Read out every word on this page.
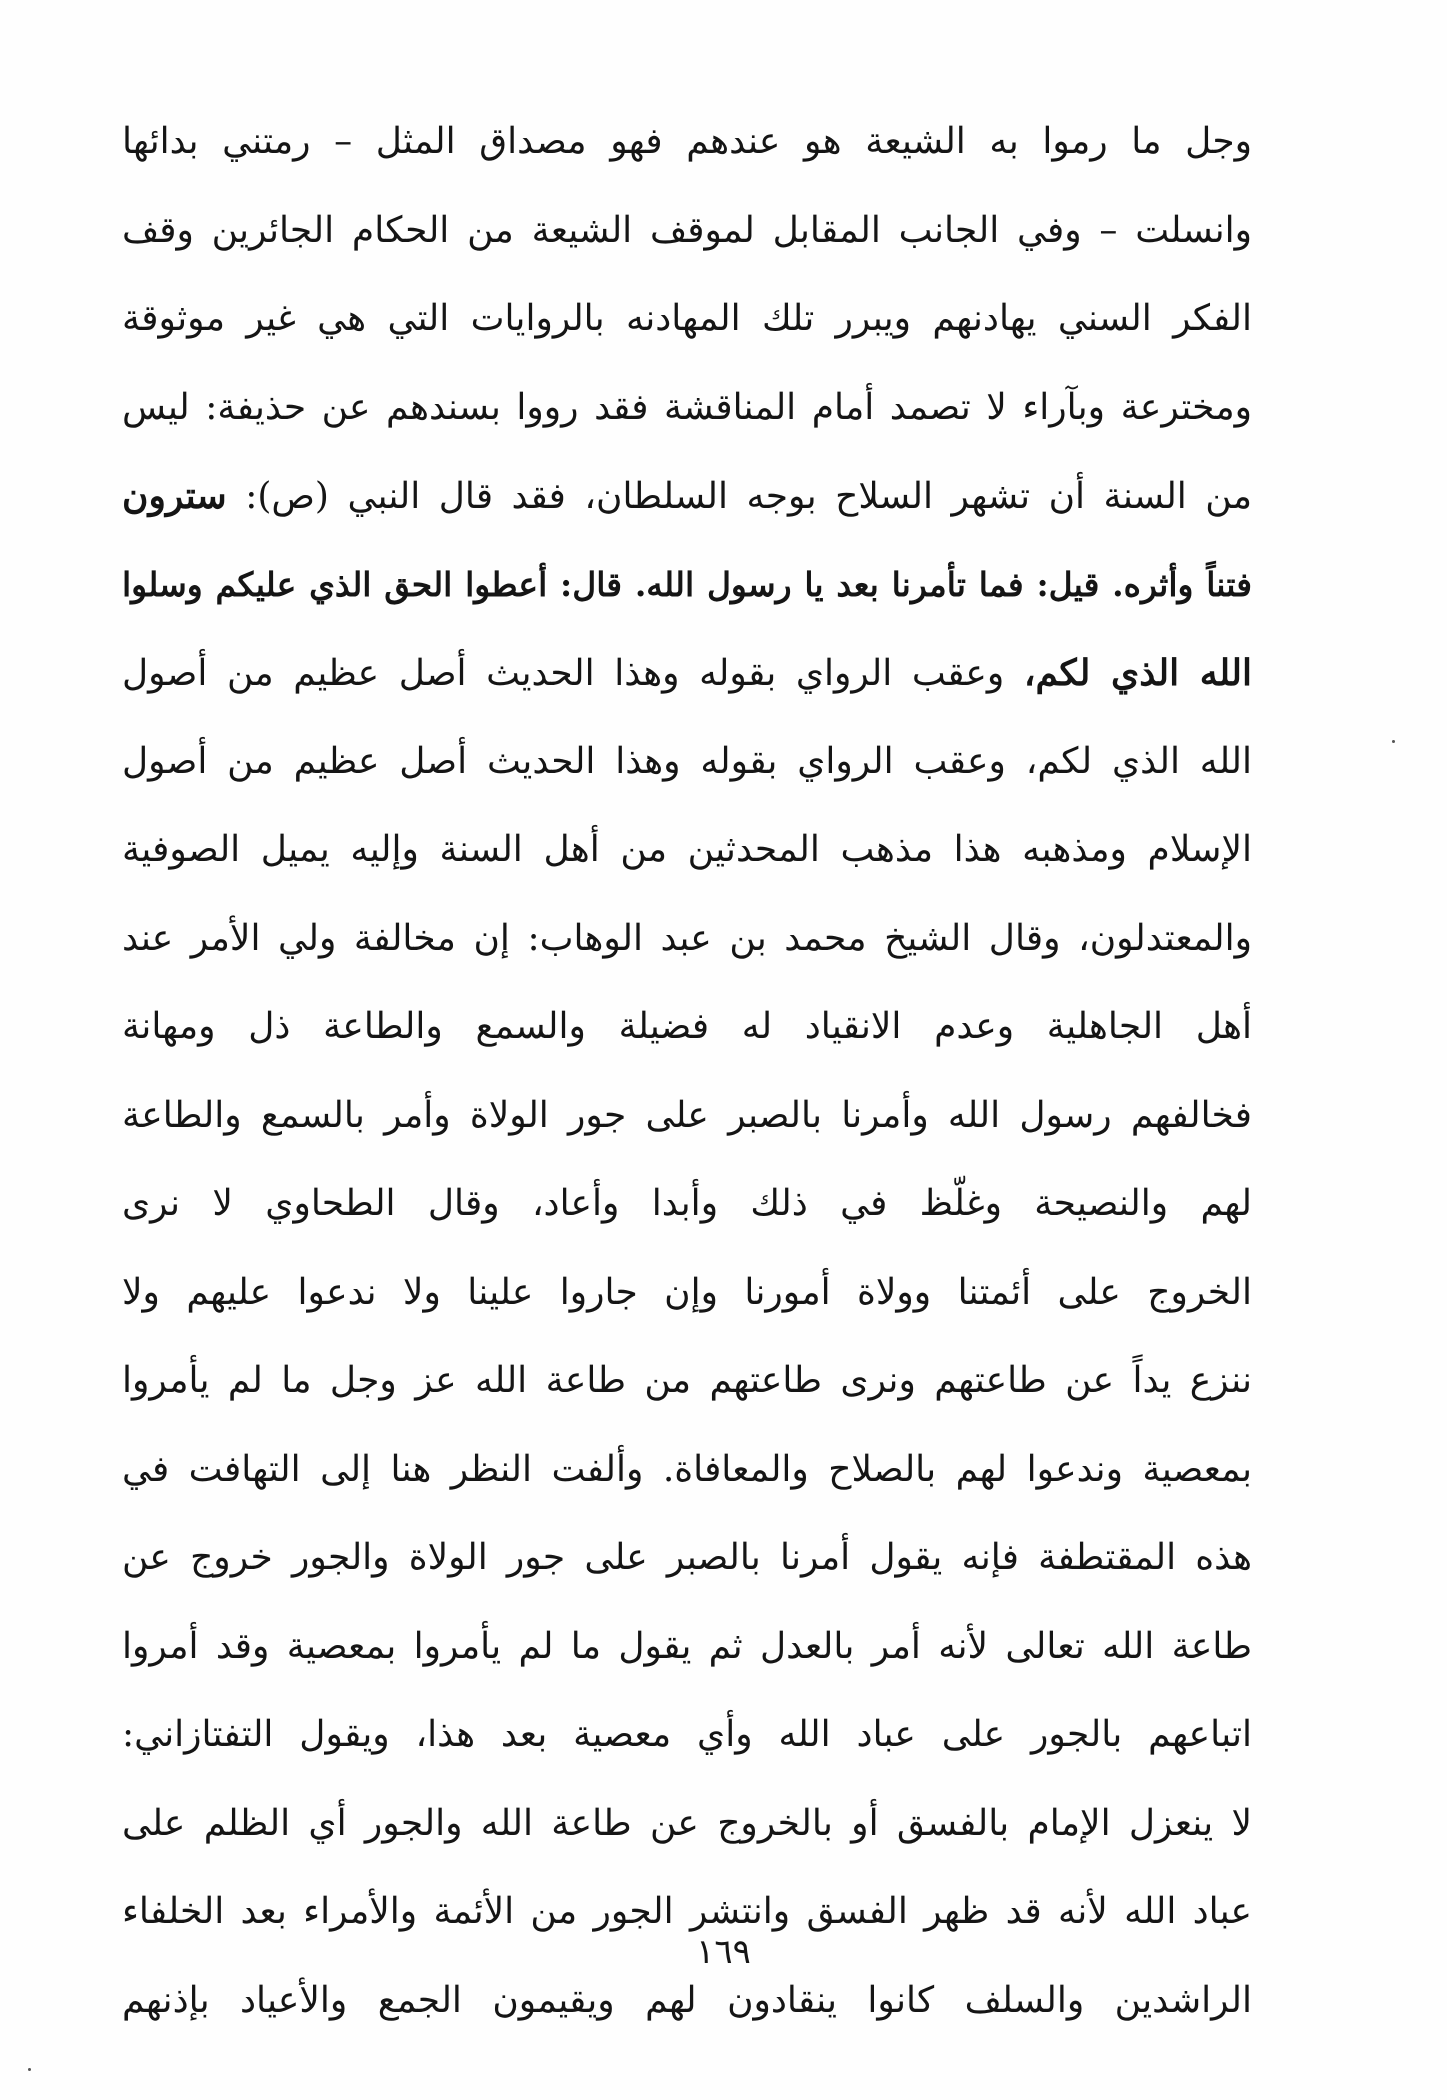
وجل ما رموا به الشيعة هو عندهم فهو مصداق المثل – رمتني بدائها
وانسلت – وفي الجانب المقابل لموقف الشيعة من الحكام الجائرين وقف
الفكر السني يهادنهم ويبرر تلك المهادنه بالروايات التي هي غير موثوقة
ومخترعة وبآراء لا تصمد أمام المناقشة فقد رووا بسندهم عن حذيفة: ليس
من السنة أن تشهر السلاح بوجه السلطان، فقد قال النبي (ص): سترون
فتناً وأثره. قيل: فما تأمرنا بعد يا رسول الله. قال: أعطوا الحق الذي عليكم وسلوا
الله الذي لكم، وعقب الرواي بقوله وهذا الحديث أصل عظيم من أصول
الله الذي لكم، وعقب الرواي بقوله وهذا الحديث أصل عظيم من أصول
الإسلام ومذهبه هذا مذهب المحدثين من أهل السنة وإليه يميل الصوفية
والمعتدلون، وقال الشيخ محمد بن عبد الوهاب: إن مخالفة ولي الأمر عند
أهل الجاهلية وعدم الانقياد له فضيلة والسمع والطاعة ذل ومهانة
فخالفهم رسول الله وأمرنا بالصبر على جور الولاة وأمر بالسمع والطاعة
لهم والنصيحة وغلّظ في ذلك وأبدا وأعاد، وقال الطحاوي لا نرى
الخروج على أئمتنا وولاة أمورنا وإن جاروا علينا ولا ندعوا عليهم ولا
ننزع يداً عن طاعتهم ونرى طاعتهم من طاعة الله عز وجل ما لم يأمروا
بمعصية وندعوا لهم بالصلاح والمعافاة. وألفت النظر هنا إلى التهافت في
هذه المقتطفة فإنه يقول أمرنا بالصبر على جور الولاة والجور خروج عن
طاعة الله تعالى لأنه أمر بالعدل ثم يقول ما لم يأمروا بمعصية وقد أمروا
اتباعهم بالجور على عباد الله وأي معصية بعد هذا، ويقول التفتازاني:
لا ينعزل الإمام بالفسق أو بالخروج عن طاعة الله والجور أي الظلم على
عباد الله لأنه قد ظهر الفسق وانتشر الجور من الأئمة والأمراء بعد الخلفاء
الراشدين والسلف كانوا ينقادون لهم ويقيمون الجمع والأعياد بإذنهم
١٦٩
